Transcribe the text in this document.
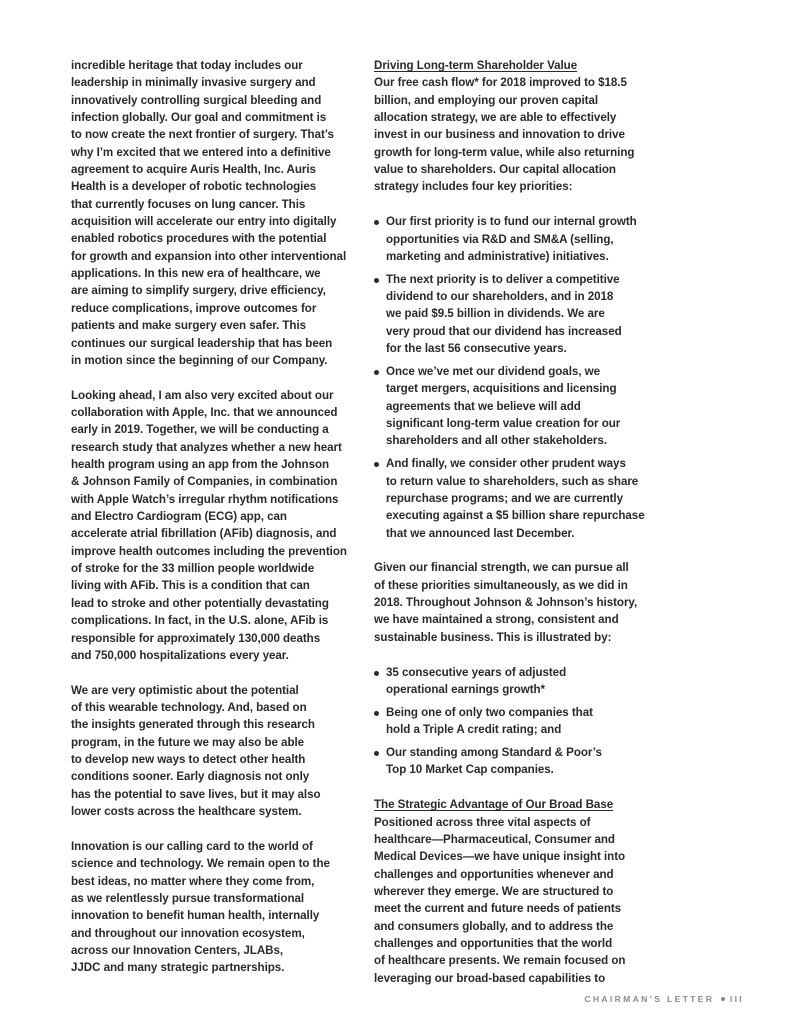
incredible heritage that today includes our
leadership in minimally invasive surgery and
innovatively controlling surgical bleeding and
infection globally. Our goal and commitment is
to now create the next frontier of surgery. That’s
why I’m excited that we entered into a definitive
agreement to acquire Auris Health, Inc. Auris
Health is a developer of robotic technologies
that currently focuses on lung cancer. This
acquisition will accelerate our entry into digitally
enabled robotics procedures with the potential
for growth and expansion into other interventional
applications. In this new era of healthcare, we
are aiming to simplify surgery, drive efficiency,
reduce complications, improve outcomes for
patients and make surgery even safer. This
continues our surgical leadership that has been
in motion since the beginning of our Company.

Looking ahead, I am also very excited about our
collaboration with Apple, Inc. that we announced
early in 2019. Together, we will be conducting a
research study that analyzes whether a new heart
health program using an app from the Johnson
& Johnson Family of Companies, in combination
with Apple Watch’s irregular rhythm notifications
and Electro Cardiogram (ECG) app, can
accelerate atrial fibrillation (AFib) diagnosis, and
improve health outcomes including the prevention
of stroke for the 33 million people worldwide
living with AFib. This is a condition that can
lead to stroke and other potentially devastating
complications. In fact, in the U.S. alone, AFib is
responsible for approximately 130,000 deaths
and 750,000 hospitalizations every year.

We are very optimistic about the potential
of this wearable technology. And, based on
the insights generated through this research
program, in the future we may also be able
to develop new ways to detect other health
conditions sooner. Early diagnosis not only
has the potential to save lives, but it may also
lower costs across the healthcare system.

Innovation is our calling card to the world of
science and technology. We remain open to the
best ideas, no matter where they come from,
as we relentlessly pursue transformational
innovation to benefit human health, internally
and throughout our innovation ecosystem,
across our Innovation Centers, JLABs,
JJDC and many strategic partnerships.

Driving Long-term Shareholder Value
Our free cash flow* for 2018 improved to $18.5
billion, and employing our proven capital
allocation strategy, we are able to effectively
invest in our business and innovation to drive
growth for long-term value, while also returning
value to shareholders. Our capital allocation
strategy includes four key priorities:
Our first priority is to fund our internal growth
opportunities via R&D and SM&A (selling,
marketing and administrative) initiatives.
The next priority is to deliver a competitive
dividend to our shareholders, and in 2018
we paid $9.5 billion in dividends. We are
very proud that our dividend has increased
for the last 56 consecutive years.
Once we’ve met our dividend goals, we
target mergers, acquisitions and licensing
agreements that we believe will add
significant long-term value creation for our
shareholders and all other stakeholders.
And finally, we consider other prudent ways
to return value to shareholders, such as share
repurchase programs; and we are currently
executing against a $5 billion share repurchase
that we announced last December.

Given our financial strength, we can pursue all
of these priorities simultaneously, as we did in
2018. Throughout Johnson & Johnson’s history,
we have maintained a strong, consistent and
sustainable business. This is illustrated by:

35 consecutive years of adjusted
operational earnings growth*
Being one of only two companies that
hold a Triple A credit rating; and
Our standing among Standard & Poor’s
Top 10 Market Cap companies.
The Strategic Advantage of Our Broad Base
Positioned across three vital aspects of
healthcare—Pharmaceutical, Consumer and
Medical Devices—we have unique insight into
challenges and opportunities whenever and
wherever they emerge. We are structured to
meet the current and future needs of patients
and consumers globally, and to address the
challenges and opportunities that the world
of healthcare presents. We remain focused on
leveraging our broad-based capabilities to
CHAIRMAN’S LETTER III
